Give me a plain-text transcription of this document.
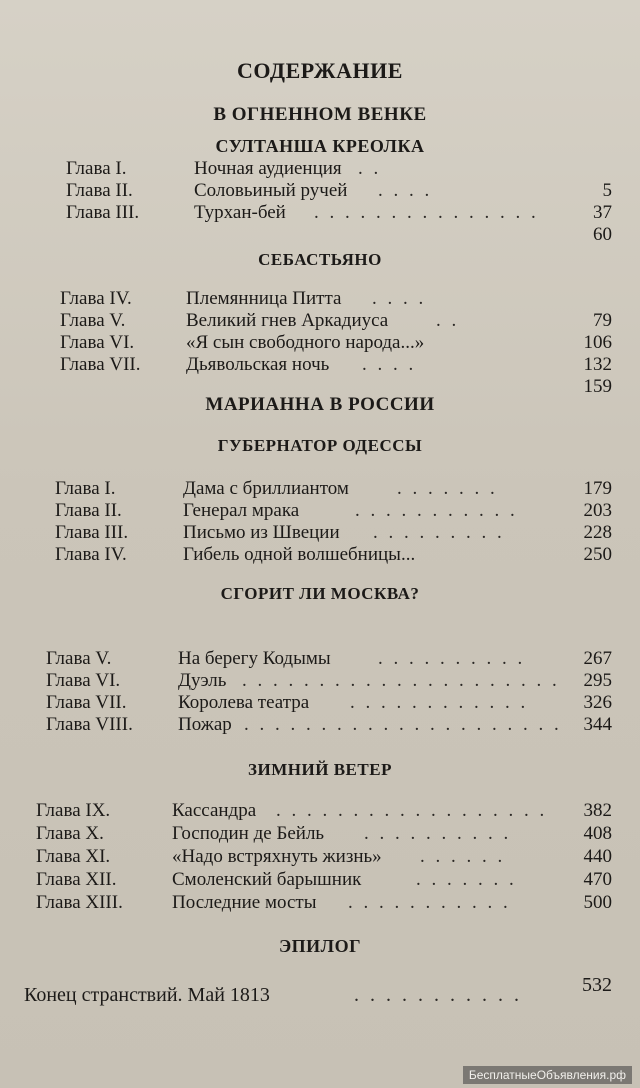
СОДЕРЖАНИЕ
В ОГНЕННОМ ВЕНКЕ
СУЛТАНША КРЕОЛКА
Глава I.	Ночная аудиенция . .
Глава II.	Соловьиный ручей . . . .	5
Глава III.	Турхан-бей . . . . . . . . . . . . . . .	37
60
СЕБАСТЬЯНО
Глава IV.	Племянница Питта . . . .
Глава V.	Великий гнев Аркадиуса	. .	79
Глава VI.	«Я сын свободного народа...»	106
Глава VII. Дьявольская ночь . . . .	132
159
МАРИАННА В РОССИИ
ГУБЕРНАТОР ОДЕССЫ
Глава I.	Дама с бриллиантом	. . . . . . .	179
Глава II.	Генерал мрака	. . . . . . . . . . .	203
Глава III.	Письмо из Швеции . . . . . . . . .	228
Глава IV.	Гибель одной волшебницы...	250
СГОРИТ ЛИ МОСКВА?
Глава V.	На берегу Кодымы . . . . . . . . . .	267
Глава VI.	Дуэль . . . . . . . . . . . . . . . . . . . . . 295
Глава VII.	Королева театра . . . . . . . . . . . .	326
Глава VIII. Пожар . . . . . . . . . . . . . . . . . . . . . 344
ЗИМНИЙ ВЕТЕР
Глава IX.	Кассандра . . . . . . . . . . . . . . . . . .	382
Глава X.	Господин де Бейль . . . . . . . . . .	408
Глава XI.	«Надо встряхнуть жизнь» . . . . . .	440
Глава XII.	Смоленский барышник	. . . . . . .	470
Глава XIII.	Последние мосты . . . . . . . . . . .	500
ЭПИЛОГ
Конец странствий. Май 1813	. . . . . . . . . . .	532
БесплатныеОбъявления.рф
